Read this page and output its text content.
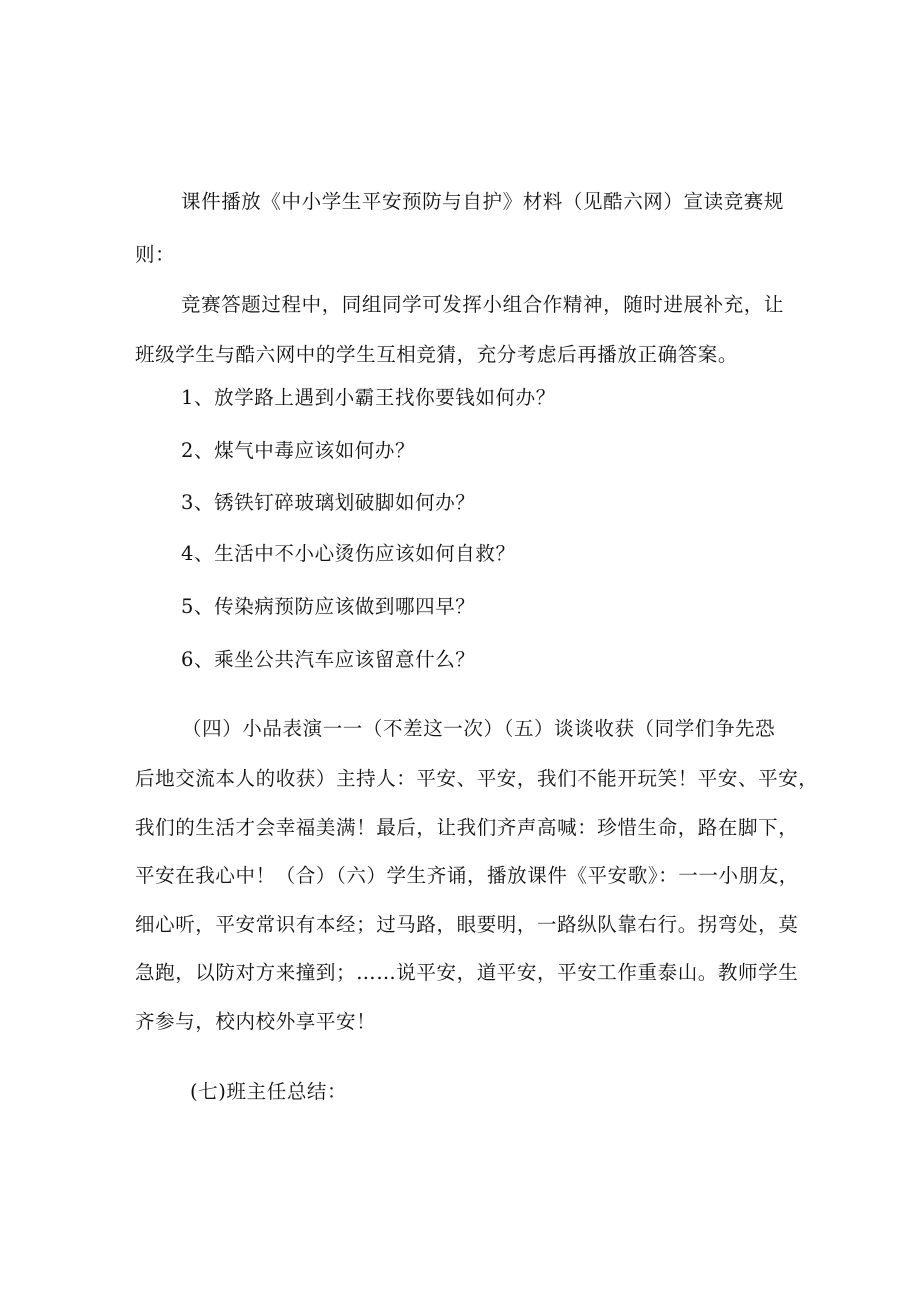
课件播放《中小学生平安预防与自护》材料（见酷六网）宣读竞赛规
则：
竞赛答题过程中，同组同学可发挥小组合作精神，随时进展补充，让
班级学生与酷六网中的学生互相竞猜，充分考虑后再播放正确答案。
1、放学路上遇到小霸王找你要钱如何办？
2、煤气中毒应该如何办？
3、锈铁钉碎玻璃划破脚如何办？
4、生活中不小心烫伤应该如何自救？
5、传染病预防应该做到哪四早？
6、乘坐公共汽车应该留意什么？
（四）小品表演一一（不差这一次）（五）谈谈收获（同学们争先恐
后地交流本人的收获）主持人：平安、平安，我们不能开玩笑！平安、平安，
我们的生活才会幸福美满！最后，让我们齐声高喊：珍惜生命，路在脚下，
平安在我心中！（合）（六）学生齐诵，播放课件《平安歌》：一一小朋友，
细心听，平安常识有本经；过马路，眼要明，一路纵队靠右行。拐弯处，莫
急跑，以防对方来撞到；……说平安，道平安，平安工作重泰山。教师学生
齐参与，校内校外享平安！
(七)班主任总结：
